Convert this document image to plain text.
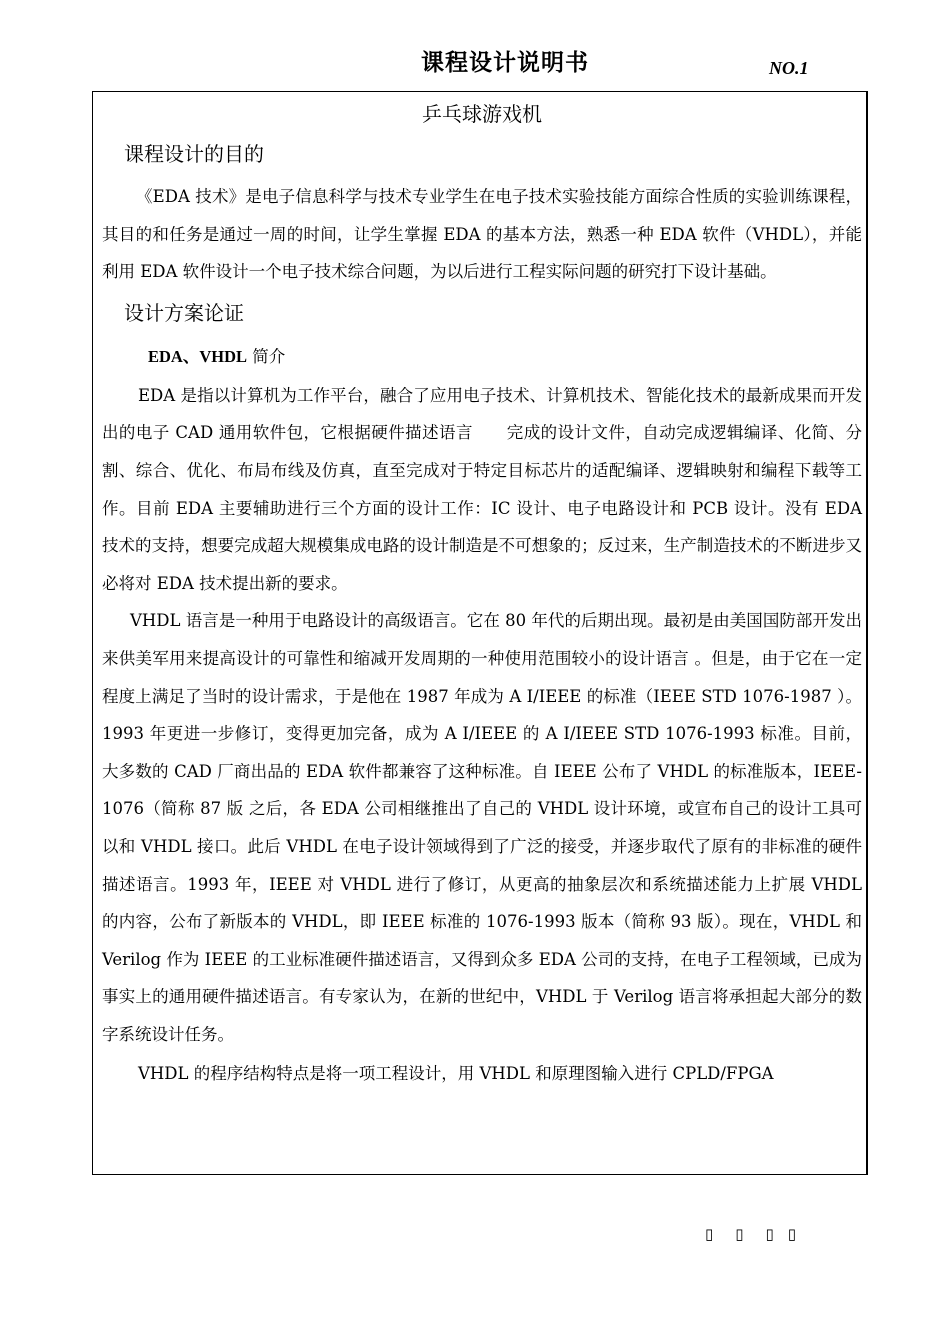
课程设计说明书	NO.1

乒乓球游戏机

课程设计的目的

《EDA 技术》是电子信息科学与技术专业学生在电子技术实验技能方面综合性质的实验训练课程，其目的和任务是通过一周的时间，让学生掌握 EDA 的基本方法，熟悉一种 EDA 软件（VHDL），并能利用 EDA 软件设计一个电子技术综合问题，为以后进行工程实际问题的研究打下设计基础。

设计方案论证

EDA、VHDL 简介

EDA 是指以计算机为工作平台，融合了应用电子技术、计算机技术、智能化技术的最新成果而开发出的电子 CAD 通用软件包，它根据硬件描述语言　　完成的设计文件，自动完成逻辑编译、化简、分割、综合、优化、布局布线及仿真，直至完成对于特定目标芯片的适配编译、逻辑映射和编程下载等工作。目前 EDA 主要辅助进行三个方面的设计工作：IC 设计、电子电路设计和 PCB 设计。没有 EDA 技术的支持，想要完成超大规模集成电路的设计制造是不可想象的；反过来，生产制造技术的不断进步又必将对 EDA 技术提出新的要求。

VHDL 语言是一种用于电路设计的高级语言。它在 80 年代的后期出现。最初是由美国国防部开发出来供美军用来提高设计的可靠性和缩减开发周期的一种使用范围较小的设计语言 。但是，由于它在一定程度上满足了当时的设计需求，于是他在 1987 年成为 A I/IEEE 的标准（IEEE STD 1076-1987 ）。1993 年更进一步修订，变得更加完备，成为 A I/IEEE 的 A I/IEEE STD 1076-1993 标准。目前，大多数的 CAD 厂商出品的 EDA 软件都兼容了这种标准。自 IEEE 公布了 VHDL 的标准版本，IEEE-1076（简称 87 版 之后，各 EDA 公司相继推出了自己的 VHDL 设计环境，或宣布自己的设计工具可以和 VHDL 接口。此后 VHDL 在电子设计领域得到了广泛的接受，并逐步取代了原有的非标准的硬件描述语言。1993 年，IEEE 对 VHDL 进行了修订，从更高的抽象层次和系统描述能力上扩展 VHDL 的内容，公布了新版本的 VHDL，即 IEEE 标准的 1076-1993 版本（简称 93 版）。现在，VHDL 和 Verilog 作为 IEEE 的工业标准硬件描述语言，又得到众多 EDA 公司的支持，在电子工程领域，已成为事实上的通用硬件描述语言。有专家认为，在新的世纪中，VHDL 于 Verilog 语言将承担起大部分的数字系统设计任务。

VHDL 的程序结构特点是将一项工程设计，用 VHDL 和原理图输入进行 CPLD/FPGA

▯ ▯ ▯ ▯
